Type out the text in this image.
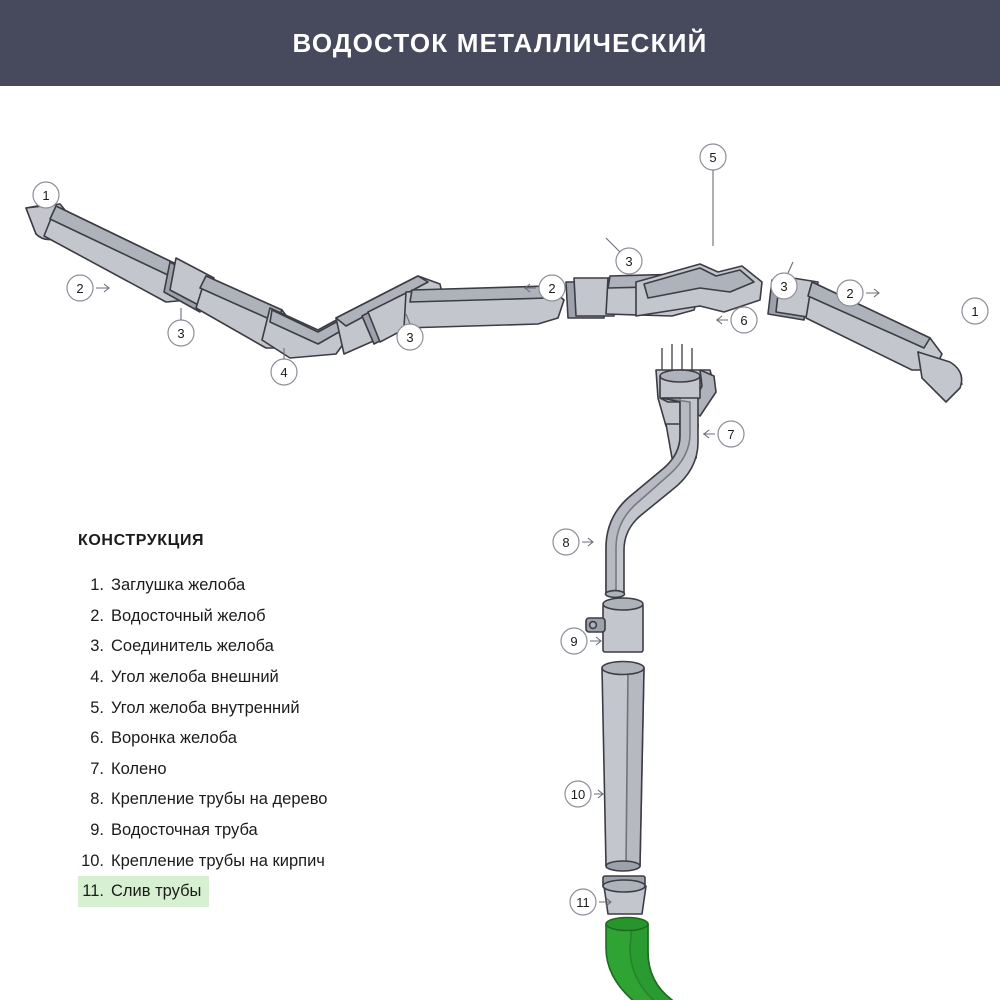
ВОДОСТОК МЕТАЛЛИЧЕСКИЙ
1
2
3
4
3
2
3
5
3	2
1
6
7
8
9
10
11
КОНСТРУКЦИЯ
1. Заглушка желоба
2. Водосточный желоб
3. Соединитель желоба
4. Угол желоба внешний
5. Угол желоба внутренний
6. Воронка желоба
7. Колено
8. Крепление трубы на дерево
9. Водосточная труба
10. Крепление трубы на кирпич
11. Слив трубы
